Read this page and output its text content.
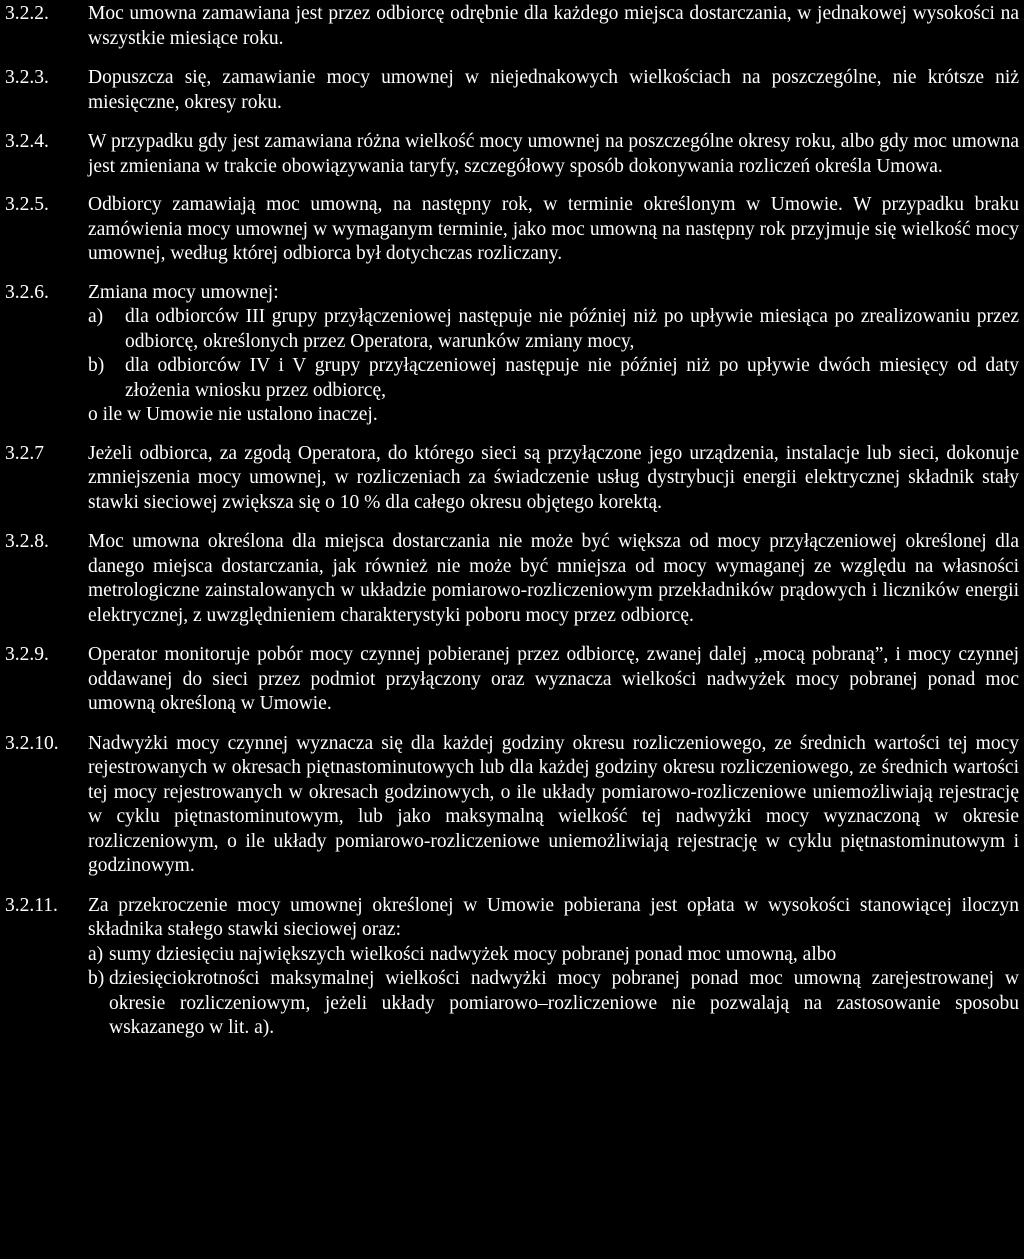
3.2.2.	Moc umowna zamawiana jest przez odbiorcę odrębnie dla każdego miejsca dostarczania, w jednakowej wysokości na wszystkie miesiące roku.

3.2.3.	Dopuszcza się, zamawianie mocy umownej w niejednakowych wielkościach na poszczególne, nie krótsze niż miesięczne, okresy roku.

3.2.4.	W przypadku gdy jest zamawiana różna wielkość mocy umownej na poszczególne okresy roku, albo gdy moc umowna jest zmieniana w trakcie obowiązywania taryfy, szczegółowy sposób dokonywania rozliczeń określa Umowa.

3.2.5.	Odbiorcy zamawiają moc umowną, na następny rok, w terminie określonym w Umowie. W przypadku braku zamówienia mocy umownej w wymaganym terminie, jako moc umowną na następny rok przyjmuje się wielkość mocy umownej, według której odbiorca był dotychczas rozliczany.

3.2.6.	Zmiana mocy umownej:

a)	dla odbiorców III grupy przyłączeniowej następuje nie później niż po upływie miesiąca po zrealizowaniu przez odbiorcę, określonych przez Operatora, warunków zmiany mocy,
b)	dla odbiorców IV i V grupy przyłączeniowej następuje nie później niż po upływie dwóch miesięcy od daty złożenia wniosku przez odbiorcę,

o ile w Umowie nie ustalono inaczej.

3.2.7	Jeżeli odbiorca, za zgodą Operatora, do którego sieci są przyłączone jego urządzenia, instalacje lub sieci, dokonuje zmniejszenia mocy umownej, w rozliczeniach za świadczenie usług dystrybucji energii elektrycznej składnik stały stawki sieciowej zwiększa się o 10 % dla całego okresu objętego korektą.

3.2.8.	Moc umowna określona dla miejsca dostarczania nie może być większa od mocy przyłączeniowej określonej dla danego miejsca dostarczania, jak również nie może być mniejsza od mocy wymaganej ze względu na własności metrologiczne zainstalowanych w układzie pomiarowo-rozliczeniowym przekładników prądowych i liczników energii elektrycznej, z uwzględnieniem charakterystyki poboru mocy przez odbiorcę.

3.2.9.	Operator monitoruje pobór mocy czynnej pobieranej przez odbiorcę, zwanej dalej „mocą pobraną”, i mocy czynnej oddawanej do sieci przez podmiot przyłączony oraz wyznacza wielkości nadwyżek mocy pobranej ponad moc umowną określoną w Umowie.

3.2.10.	Nadwyżki mocy czynnej wyznacza się dla każdej godziny okresu rozliczeniowego, ze średnich wartości tej mocy rejestrowanych w okresach piętnastominutowych lub dla każdej godziny okresu rozliczeniowego, ze średnich wartości tej mocy rejestrowanych w okresach godzinowych, o ile układy pomiarowo-rozliczeniowe uniemożliwiają rejestrację w cyklu piętnastominutowym, lub jako maksymalną wielkość tej nadwyżki mocy wyznaczoną w okresie rozliczeniowym, o ile układy pomiarowo-rozliczeniowe uniemożliwiają rejestrację w cyklu piętnastominutowym i godzinowym.

3.2.11.	Za przekroczenie mocy umownej określonej w Umowie pobierana jest opłata w wysokości stanowiącej iloczyn składnika stałego stawki sieciowej oraz:

a) sumy dziesięciu największych wielkości nadwyżek mocy pobranej ponad moc umowną, albo
b) dziesięciokrotności maksymalnej wielkości nadwyżki mocy pobranej ponad moc umowną zarejestrowanej w okresie rozliczeniowym, jeżeli układy pomiarowo–rozliczeniowe nie pozwalają na zastosowanie sposobu wskazanego w lit. a).
